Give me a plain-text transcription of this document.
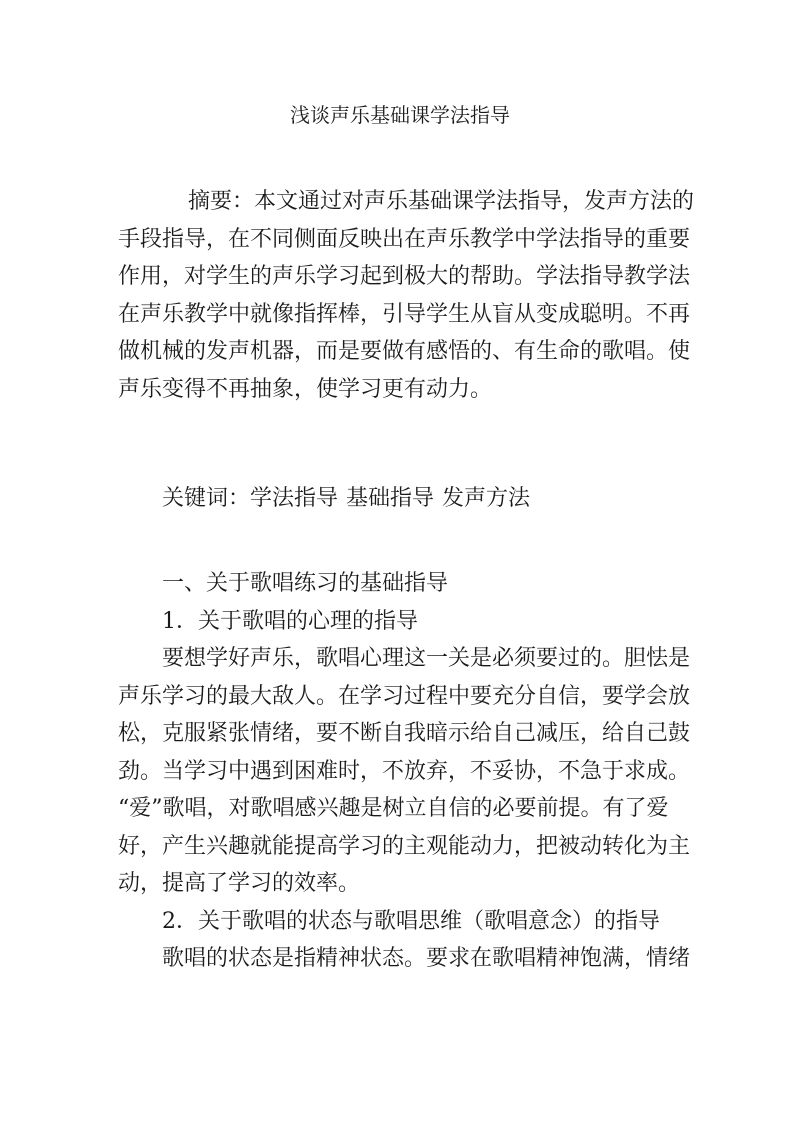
浅谈声乐基础课学法指导
摘要：本文通过对声乐基础课学法指导，发声方法的
手段指导，在不同侧面反映出在声乐教学中学法指导的重要
作用，对学生的声乐学习起到极大的帮助。学法指导教学法
在声乐教学中就像指挥棒，引导学生从盲从变成聪明。不再
做机械的发声机器，而是要做有感悟的、有生命的歌唱。使
声乐变得不再抽象，使学习更有动力。
关键词：学法指导 基础指导 发声方法
一、关于歌唱练习的基础指导
1．关于歌唱的心理的指导
要想学好声乐，歌唱心理这一关是必须要过的。胆怯是
声乐学习的最大敌人。在学习过程中要充分自信，要学会放
松，克服紧张情绪，要不断自我暗示给自己减压，给自己鼓
劲。当学习中遇到困难时，不放弃，不妥协，不急于求成。
“爱”歌唱，对歌唱感兴趣是树立自信的必要前提。有了爱
好，产生兴趣就能提高学习的主观能动力，把被动转化为主
动，提高了学习的效率。
2．关于歌唱的状态与歌唱思维（歌唱意念）的指导
歌唱的状态是指精神状态。要求在歌唱精神饱满，情绪
